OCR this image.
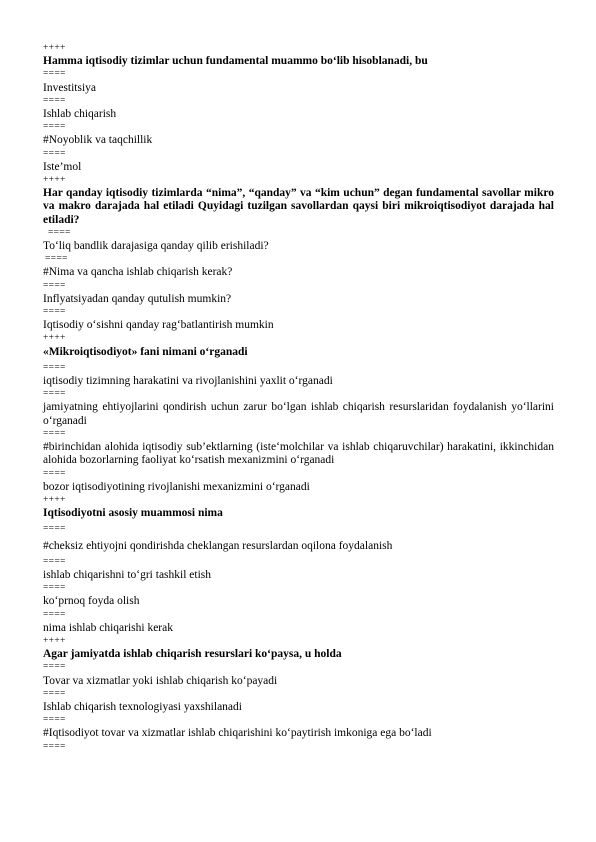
++++

Hamma iqtisodiy tizimlar uchun fundamental muammo bo‘lib hisoblanadi, bu

====

Investitsiya

====

Ishlab chiqarish

====

#Noyoblik va taqchillik

====

Iste’mol

++++

Har qanday iqtisodiy tizimlarda “nima”, “qanday” va “kim uchun” degan fundamental savollar mikro va makro darajada hal etiladi Quyidagi tuzilgan savollardan qaysi biri mikroiqtisodiyot darajada hal etiladi?

====

To‘liq bandlik darajasiga qanday qilib erishiladi?

====

#Nima va qancha ishlab chiqarish kerak?

====

Inflyatsiyadan qanday qutulish mumkin?

====

Iqtisodiy o‘sishni qanday rag‘batlantirish mumkin

++++

«Mikroiqtisodiyot» fani nimani o‘rganadi

====

iqtisodiy tizimning harakatini va rivojlanishini yaxlit o‘rganadi

====

jamiyatning ehtiyojlarini qondirish uchun zarur bo‘lgan ishlab chiqarish resurslaridan foydalanish yo‘llarini o‘rganadi

====

#birinchidan alohida iqtisodiy sub’ektlarning (iste‘molchilar va ishlab chiqaruvchilar) harakatini, ikkinchidan alohida bozorlarning faoliyat ko‘rsatish mexanizmini o‘rganadi

====

bozor iqtisodiyotining rivojlanishi mexanizmini o‘rganadi

++++

Iqtisodiyotni asosiy muammosi nima

====

#cheksiz ehtiyojni qondirishda cheklangan resurslardan oqilona foydalanish

====

ishlab chiqarishni to‘gri tashkil etish

====

ko‘prnoq foyda olish

====

nima ishlab chiqarishi kerak

++++

Agar jamiyatda ishlab chiqarish resurslari ko‘paysa, u holda

====

Tovar va xizmatlar yoki ishlab chiqarish ko‘payadi

====

Ishlab chiqarish texnologiyasi yaxshilanadi

====

#Iqtisodiyot tovar va xizmatlar ishlab chiqarishini ko‘paytirish imkoniga ega bo‘ladi

====
